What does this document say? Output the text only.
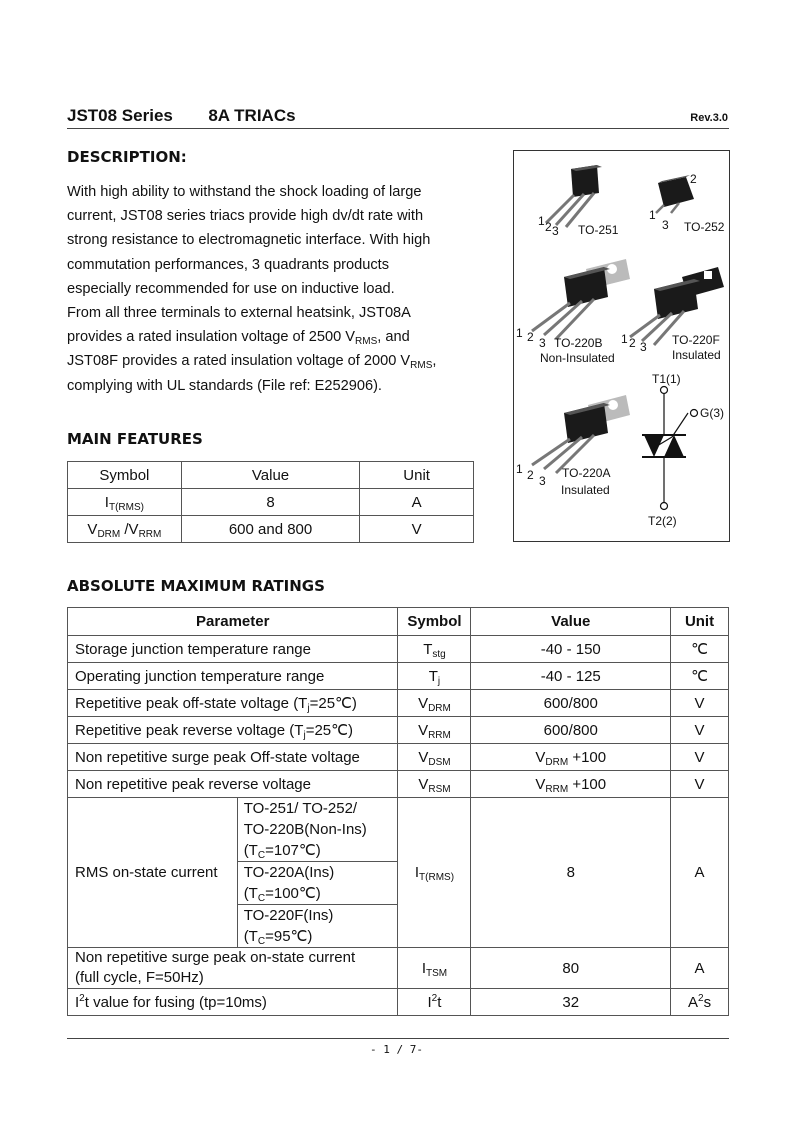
JST08 Series 8A TRIACs	Rev.3.0
DESCRIPTION:

With high ability to withstand the shock loading of large

current, JST08 series triacs provide high dv/dt rate with

strong resistance to electromagnetic interface. With high

commutation performances, 3 quadrants products

especially recommended for use on inductive load.

From all three terminals to external heatsink, JST08A

provides a rated insulation voltage of 2500 $V_{RMS}$, and

JST08F provides a rated insulation voltage of 2000 $V_{RMS}$,

complying with UL standards (File ref: E252906).

MAIN FEATURES
Symbol	Value	Unit
$I_{T(RMS)}$	8	A
$V_{DRM}$ $/V_{RRM}$	600 and 800	V
1 2 3 TO-251
2
1
3 TO-252
1 2 3 TO-220B
Non-Insulated
1 2 3 TO-220F
Insulated
1 2 3
TO-220A
Insulated
T1(1)
G(3)
T2(2)
ABSOLUTE MAXIMUM RATINGS
Parameter		Symbol	Value	Unit
Storage junction temperature range		$T_{stg}$	-40 - 150	℃
Operating junction temperature range		$T_j$	-40 - 125	℃
Repetitive peak off-state voltage $(T_j=25℃)$		$V_{DRM}$	600/800	V
Repetitive peak reverse voltage $(T_j=25℃)$		$V_{RRM}$	600/800	V
Non repetitive surge peak Off-state voltage		$V_{DSM}$	$V_{DRM} +100$	V
Non repetitive peak reverse voltage		$V_{RSM}$	$V_{RRM} +100$	V
RMS on-state current	TO-251/ TO-252/
TO-220B(Non-Ins)
$(T_C=107℃)$	$I_{T(RMS)}$	8	A
	TO-220A(Ins)
$(T_C=100℃)$			
	TO-220F(Ins)
$(T_C=95℃)$			
Non repetitive surge peak on-state current
(full cycle, F=50Hz)		$I_{TSM}$	80	A
$I^2t$ value for fusing (tp=10ms)		$I^2t$	32	$A^2s$
- 1 / 7-
